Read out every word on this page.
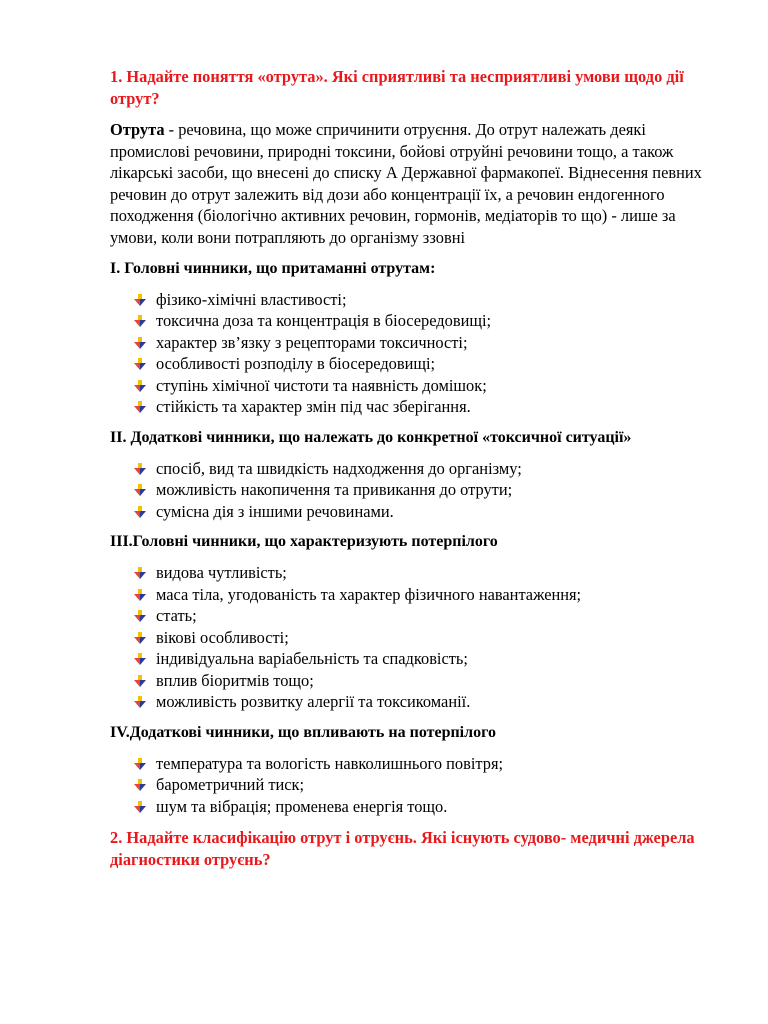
1. Надайте поняття «отрута». Які сприятливі та несприятливі умови щодо дії отрут?

Отрута - речовина, що може спричинити отруєння. До отрут належать деякі промислові речовини, природні токсини, бойові отруйні речовини тощо, а також лікарські засоби, що внесені до списку А Державної фармакопеї. Віднесення певних речовин до отрут залежить від дози або концентрації їх, а речовин ендогенного походження (біологічно активних речовин, гормонів, медіаторів то що) - лише за умови, коли вони потрапляють до організму ззовні

I. Головні чинники, що притаманні отрутам:

фізико-хімічні властивості;
токсична доза та концентрація в біосередовищі;
характер зв’язку з рецепторами токсичності;
особливості розподілу в біосередовищі;
ступінь хімічної чистоти та наявність домішок;
стійкість та характер змін під час зберігання.

II. Додаткові чинники, що належать до конкретної «токсичної ситуації»

спосіб, вид та швидкість надходження до організму;
можливість накопичення та привикання до отрути;
сумісна дія з іншими речовинами.

III.Головні чинники, що характеризують потерпілого

видова чутливість;
маса тіла, угодованість та характер фізичного навантаження;
стать;
вікові особливості;
індивідуальна варіабельність та спадковість;
вплив біоритмів тощо;
можливість розвитку алергії та токсикоманії.

IV.Додаткові чинники, що впливають на потерпілого

температура та вологість навколишнього повітря;
барометричний тиск;
шум та вібрація; променева енергія тощо.

2. Надайте класифікацію отрут і отруєнь. Які існують судово- медичні джерела діагностики отруєнь?
